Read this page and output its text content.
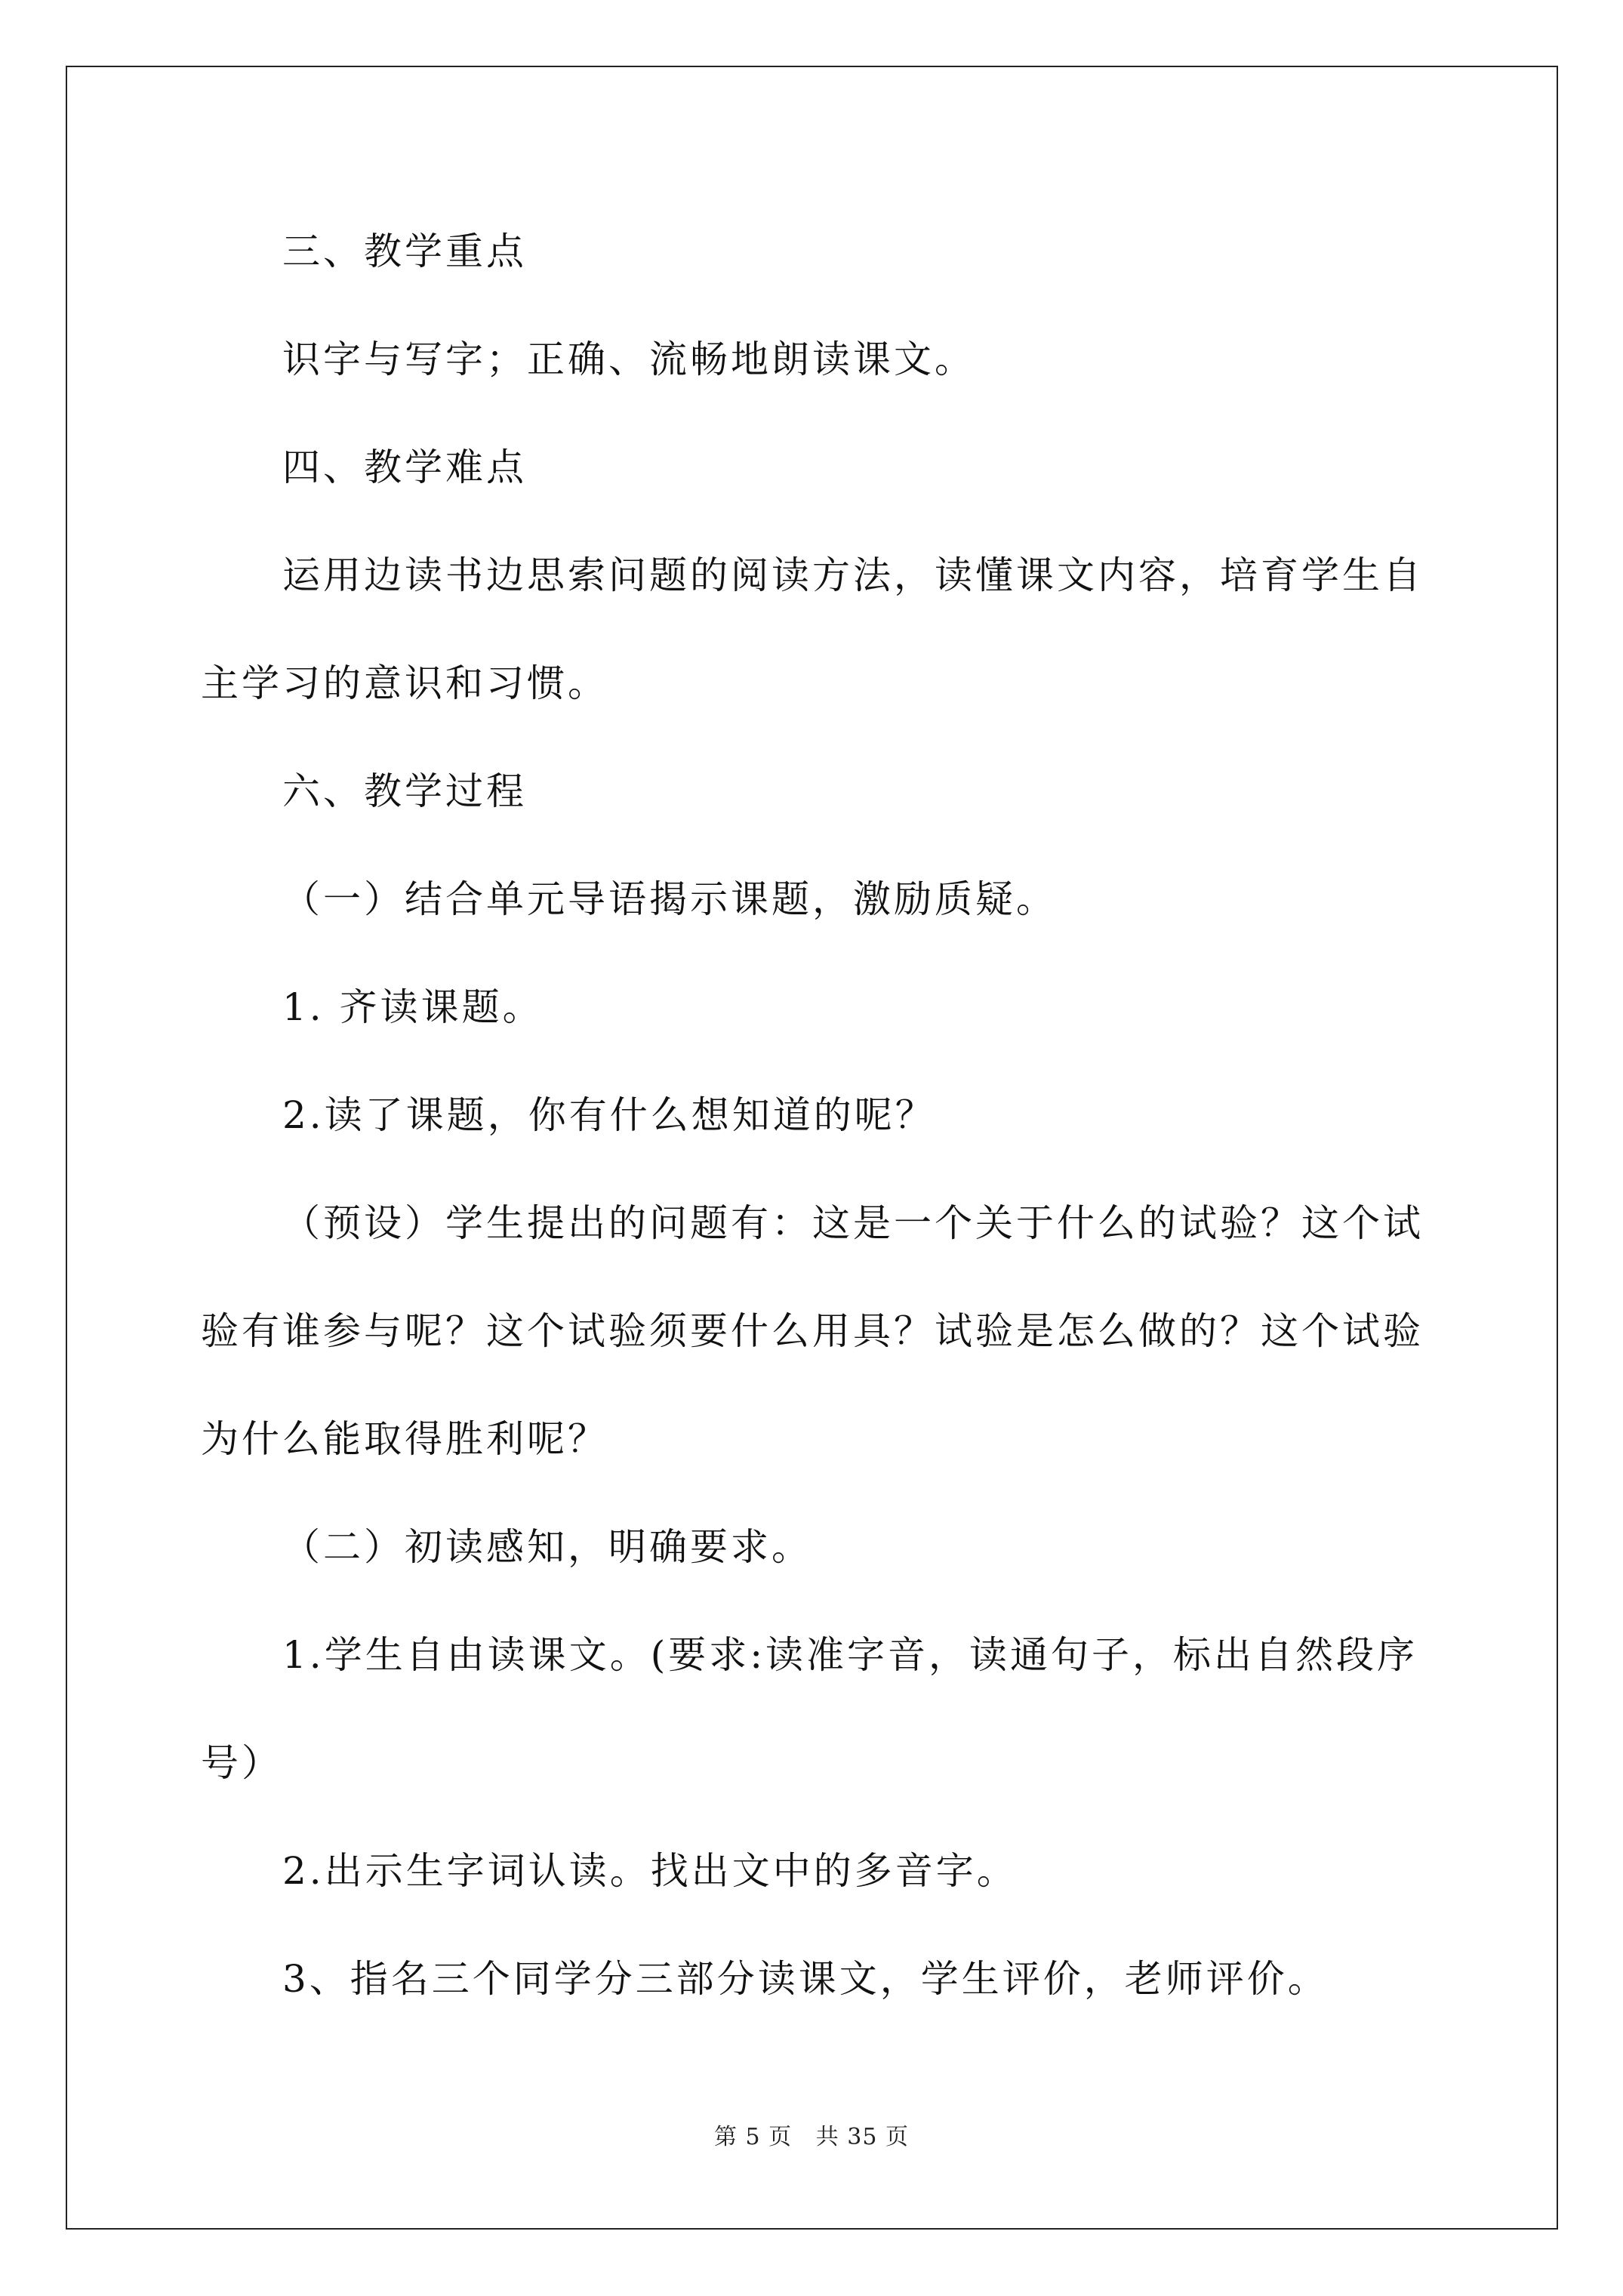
三、教学重点
识字与写字；正确、流畅地朗读课文。
四、教学难点
运用边读书边思索问题的阅读方法，读懂课文内容，培育学生自
主学习的意识和习惯。
六、教学过程
（一）结合单元导语揭示课题，激励质疑。
1. 齐读课题。
2.读了课题，你有什么想知道的呢？
（预设）学生提出的问题有：这是一个关于什么的试验？这个试
验有谁参与呢？这个试验须要什么用具？试验是怎么做的？这个试验
为什么能取得胜利呢？
（二）初读感知，明确要求。
1.学生自由读课文。(要求:读准字音，读通句子，标出自然段序
号）
2.出示生字词认读。找出文中的多音字。
3、指名三个同学分三部分读课文，学生评价，老师评价。
第 5 页   共 35 页
